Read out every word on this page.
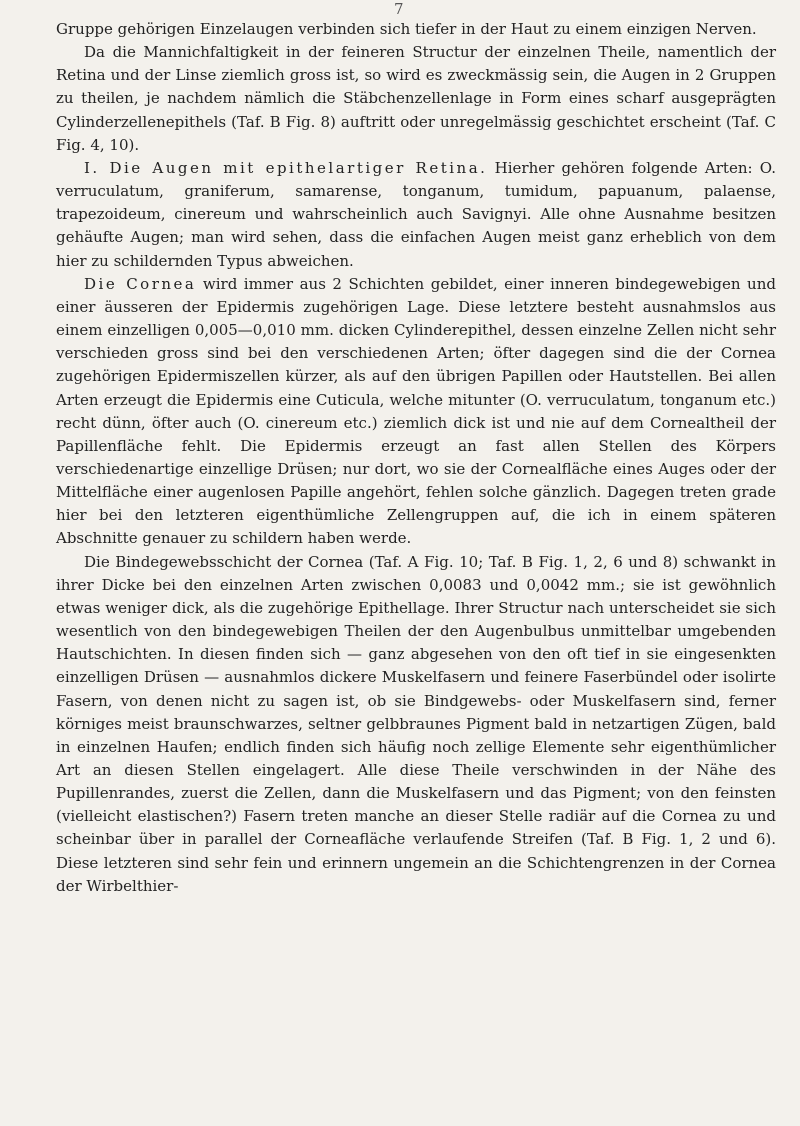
7

Gruppe gehörigen Einzelaugen verbinden sich tiefer in der Haut zu einem einzigen Nerven.

Da die Mannichfaltigkeit in der feineren Structur der einzelnen Theile, namentlich der Retina und der Linse ziemlich gross ist, so wird es zweckmässig sein, die Augen in 2 Gruppen zu theilen, je nachdem nämlich die Stäbchenzellenlage in Form eines scharf ausgeprägten Cylinderzellenepithels (Taf. B Fig. 8) auftritt oder unregelmässig geschichtet erscheint (Taf. C Fig. 4, 10).

I. Die Augen mit epithelartiger Retina. Hierher gehören folgende Arten: O. verruculatum, graniferum, samarense, tonganum, tumidum, papuanum, palaense, trapezoideum, cinereum und wahrscheinlich auch Savignyi. Alle ohne Ausnahme besitzen gehäufte Augen; man wird sehen, dass die einfachen Augen meist ganz erheblich von dem hier zu schildernden Typus abweichen.

Die Cornea wird immer aus 2 Schichten gebildet, einer inneren bindegewebigen und einer äusseren der Epidermis zugehörigen Lage. Diese letztere besteht ausnahmslos aus einem einzelligen 0,005—0,010 mm. dicken Cylinderepithel, dessen einzelne Zellen nicht sehr verschieden gross sind bei den verschiedenen Arten; öfter dagegen sind die der Cornea zugehörigen Epidermiszellen kürzer, als auf den übrigen Papillen oder Hautstellen. Bei allen Arten erzeugt die Epidermis eine Cuticula, welche mitunter (O. verruculatum, tonganum etc.) recht dünn, öfter auch (O. cinereum etc.) ziemlich dick ist und nie auf dem Cornealtheil der Papillenfläche fehlt. Die Epidermis erzeugt an fast allen Stellen des Körpers verschiedenartige einzellige Drüsen; nur dort, wo sie der Cornealfläche eines Auges oder der Mittelfläche einer augenlosen Papille angehört, fehlen solche gänzlich. Dagegen treten grade hier bei den letzteren eigenthümliche Zellengruppen auf, die ich in einem späteren Abschnitte genauer zu schildern haben werde.

Die Bindegewebsschicht der Cornea (Taf. A Fig. 10; Taf. B Fig. 1, 2, 6 und 8) schwankt in ihrer Dicke bei den einzelnen Arten zwischen 0,0083 und 0,0042 mm.; sie ist gewöhnlich etwas weniger dick, als die zugehörige Epithellage. Ihrer Structur nach unterscheidet sie sich wesentlich von den bindegewebigen Theilen der den Augenbulbus unmittelbar umgebenden Hautschichten. In diesen finden sich — ganz abgesehen von den oft tief in sie eingesenkten einzelligen Drüsen — ausnahmlos dickere Muskelfasern und feinere Faserbündel oder isolirte Fasern, von denen nicht zu sagen ist, ob sie Bindgewebs- oder Muskelfasern sind, ferner körniges meist braunschwarzes, seltner gelbbraunes Pigment bald in netzartigen Zügen, bald in einzelnen Haufen; endlich finden sich häufig noch zellige Elemente sehr eigenthümlicher Art an diesen Stellen eingelagert. Alle diese Theile verschwinden in der Nähe des Pupillenrandes, zuerst die Zellen, dann die Muskelfasern und das Pigment; von den feinsten (vielleicht elastischen?) Fasern treten manche an dieser Stelle radiär auf die Cornea zu und scheinbar über in parallel der Corneafläche verlaufende Streifen (Taf. B Fig. 1, 2 und 6). Diese letzteren sind sehr fein und erinnern ungemein an die Schichtengrenzen in der Cornea der Wirbelthier-
